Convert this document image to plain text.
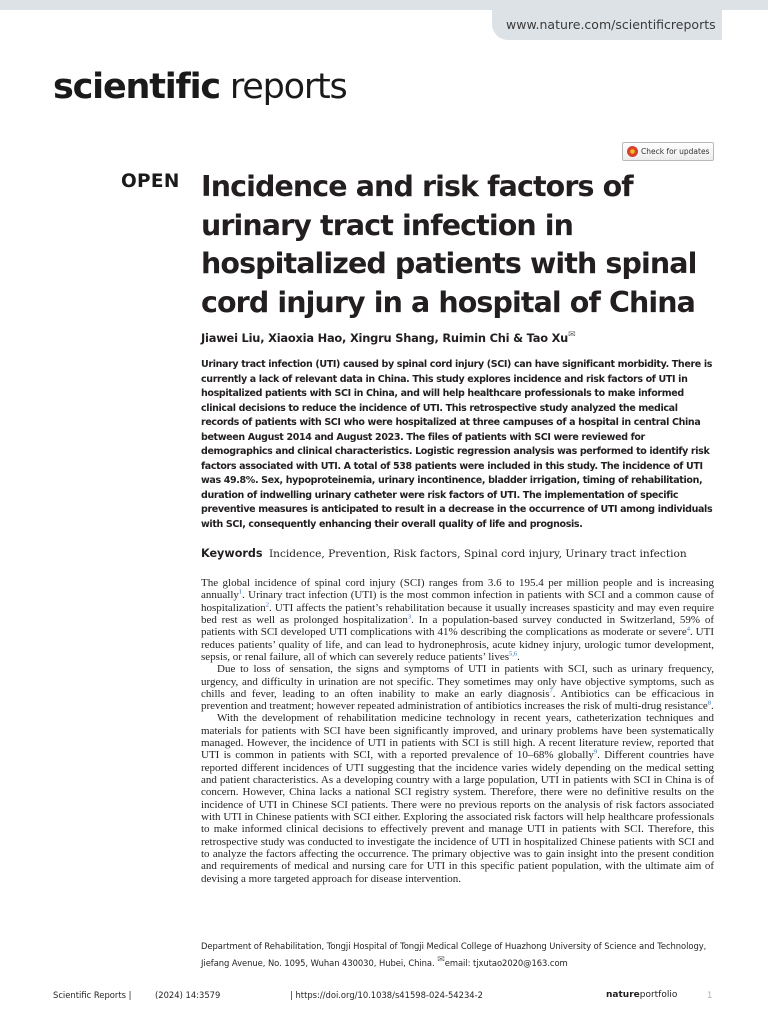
www.nature.com/scientificreports
scientific reports
Check for updates
OPEN Incidence and risk factors of urinary tract infection in hospitalized patients with spinal cord injury in a hospital of China
Jiawei Liu, Xiaoxia Hao, Xingru Shang, Ruimin Chi & Tao Xu✉

Urinary tract infection (UTI) caused by spinal cord injury (SCI) can have significant morbidity. There is currently a lack of relevant data in China. This study explores incidence and risk factors of UTI in hospitalized patients with SCI in China, and will help healthcare professionals to make informed clinical decisions to reduce the incidence of UTI. This retrospective study analyzed the medical records of patients with SCI who were hospitalized at three campuses of a hospital in central China between August 2014 and August 2023. The files of patients with SCI were reviewed for demographics and clinical characteristics. Logistic regression analysis was performed to identify risk factors associated with UTI. A total of 538 patients were included in this study. The incidence of UTI was 49.8%. Sex, hypoproteinemia, urinary incontinence, bladder irrigation, timing of rehabilitation, duration of indwelling urinary catheter were risk factors of UTI. The implementation of specific preventive measures is anticipated to result in a decrease in the occurrence of UTI among individuals with SCI, consequently enhancing their overall quality of life and prognosis.

Keywords Incidence, Prevention, Risk factors, Spinal cord injury, Urinary tract infection

The global incidence of spinal cord injury (SCI) ranges from 3.6 to 195.4 per million people and is increasing annually$^1$. Urinary tract infection (UTI) is the most common infection in patients with SCI and a common cause of hospitalization$^2$. UTI affects the patient’s rehabilitation because it usually increases spasticity and may even require bed rest as well as prolonged hospitalization$^3$. In a population-based survey conducted in Switzerland, 59% of patients with SCI developed UTI complications with 41% describing the complications as moderate or severe$^4$. UTI reduces patients’ quality of life, and can lead to hydronephrosis, acute kidney injury, urologic tumor development, sepsis, or renal failure, all of which can severely reduce patients’ lives$^{5,6}$.

Due to loss of sensation, the signs and symptoms of UTI in patients with SCI, such as urinary frequency, urgency, and difficulty in urination are not specific. They sometimes may only have objective symptoms, such as chills and fever, leading to an often inability to make an early diagnosis$^7$. Antibiotics can be efficacious in prevention and treatment; however repeated administration of antibiotics increases the risk of multi-drug resistance$^8$.

With the development of rehabilitation medicine technology in recent years, catheterization techniques and materials for patients with SCI have been significantly improved, and urinary problems have been systematically managed. However, the incidence of UTI in patients with SCI is still high. A recent literature review, reported that UTI is common in patients with SCI, with a reported prevalence of 10–68% globally$^9$. Different countries have reported different incidences of UTI suggesting that the incidence varies widely depending on the medical setting and patient characteristics. As a developing country with a large population, UTI in patients with SCI in China is of concern. However, China lacks a national SCI registry system. Therefore, there were no definitive results on the incidence of UTI in Chinese SCI patients. There were no previous reports on the analysis of risk factors associated with UTI in Chinese patients with SCI either. Exploring the associated risk factors will help healthcare professionals to make informed clinical decisions to effectively prevent and manage UTI in patients with SCI. Therefore, this retrospective study was conducted to investigate the incidence of UTI in hospitalized Chinese patients with SCI and to analyze the factors affecting the occurrence. The primary objective was to gain insight into the present condition and requirements of medical and nursing care for UTI in this specific patient population, with the ultimate aim of devising a more targeted approach for disease intervention.

Department of Rehabilitation, Tongji Hospital of Tongji Medical College of Huazhong University of Science and Technology, Jiefang Avenue, No. 1095, Wuhan 430030, Hubei, China. ✉email: tjxutao2020@163.com
Scientific Reports |	(2024) 14:3579	| https://doi.org/10.1038/s41598-024-54234-2	natureportfolio	1
